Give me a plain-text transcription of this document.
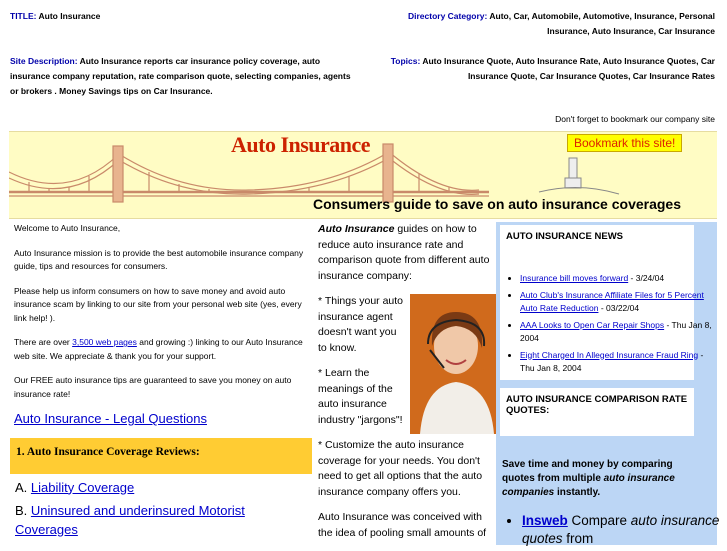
TITLE: Auto Insurance	Directory Category: Auto, Car, Automobile, Automotive, Insurance, Personal Insurance, Auto Insurance, Car Insurance
Site Description: Auto Insurance reports car insurance policy coverage, auto insurance company reputation, rate comparison quote, selecting companies, agents or brokers . Money Savings tips on Car Insurance.
Topics: Auto Insurance Quote, Auto Insurance Rate, Auto Insurance Quotes, Car Insurance Quote, Car Insurance Quotes, Car Insurance Rates
Don't forget to bookmark our company site
Auto Insurance	Bookmark this site!
Consumers guide to save on auto insurance coverages

Welcome to Auto Insurance,

Auto Insurance mission is to provide the best automobile insurance company guide, tips and resources for consumers.

Please help us inform consumers on how to save money and avoid auto insurance scam by linking to our site from your personal web site (yes, every link help! ).

There are over 3,500 web pages and growing :) linking to our Auto Insurance web site. We appreciate & thank you for your support.

Our FREE auto insurance tips are guaranteed to save you money on auto insurance rate!

Auto Insurance - Legal Questions
1. Auto Insurance Coverage Reviews:
A. Liability Coverage
B. Uninsured and underinsured Motorist Coverages

Auto Insurance guides on how to reduce auto insurance rate and comparison quote from different auto insurance company:

* Things your auto insurance agent doesn't want you to know.

* Learn the meanings of the auto insurance industry "jargons"!

* Customize the auto insurance coverage for your needs. You don't need to get all options that the auto insurance company offers you.

Auto Insurance was conceived with the idea of pooling small amounts of

AUTO INSURANCE NEWS
• Insurance bill moves forward - 3/24/04
• Auto Club's Insurance Affiliate Files for 5 Percent Auto Rate Reduction - 03/22/04
• AAA Looks to Open Car Repair Shops - Thu Jan 8, 2004
• Eight Charged In Alleged Insurance Fraud Ring - Thu Jan 8, 2004
AUTO INSURANCE COMPARISON RATE QUOTES:
Save time and money by comparing quotes from multiple auto insurance companies instantly.
• Insweb Compare auto insurance quotes from
